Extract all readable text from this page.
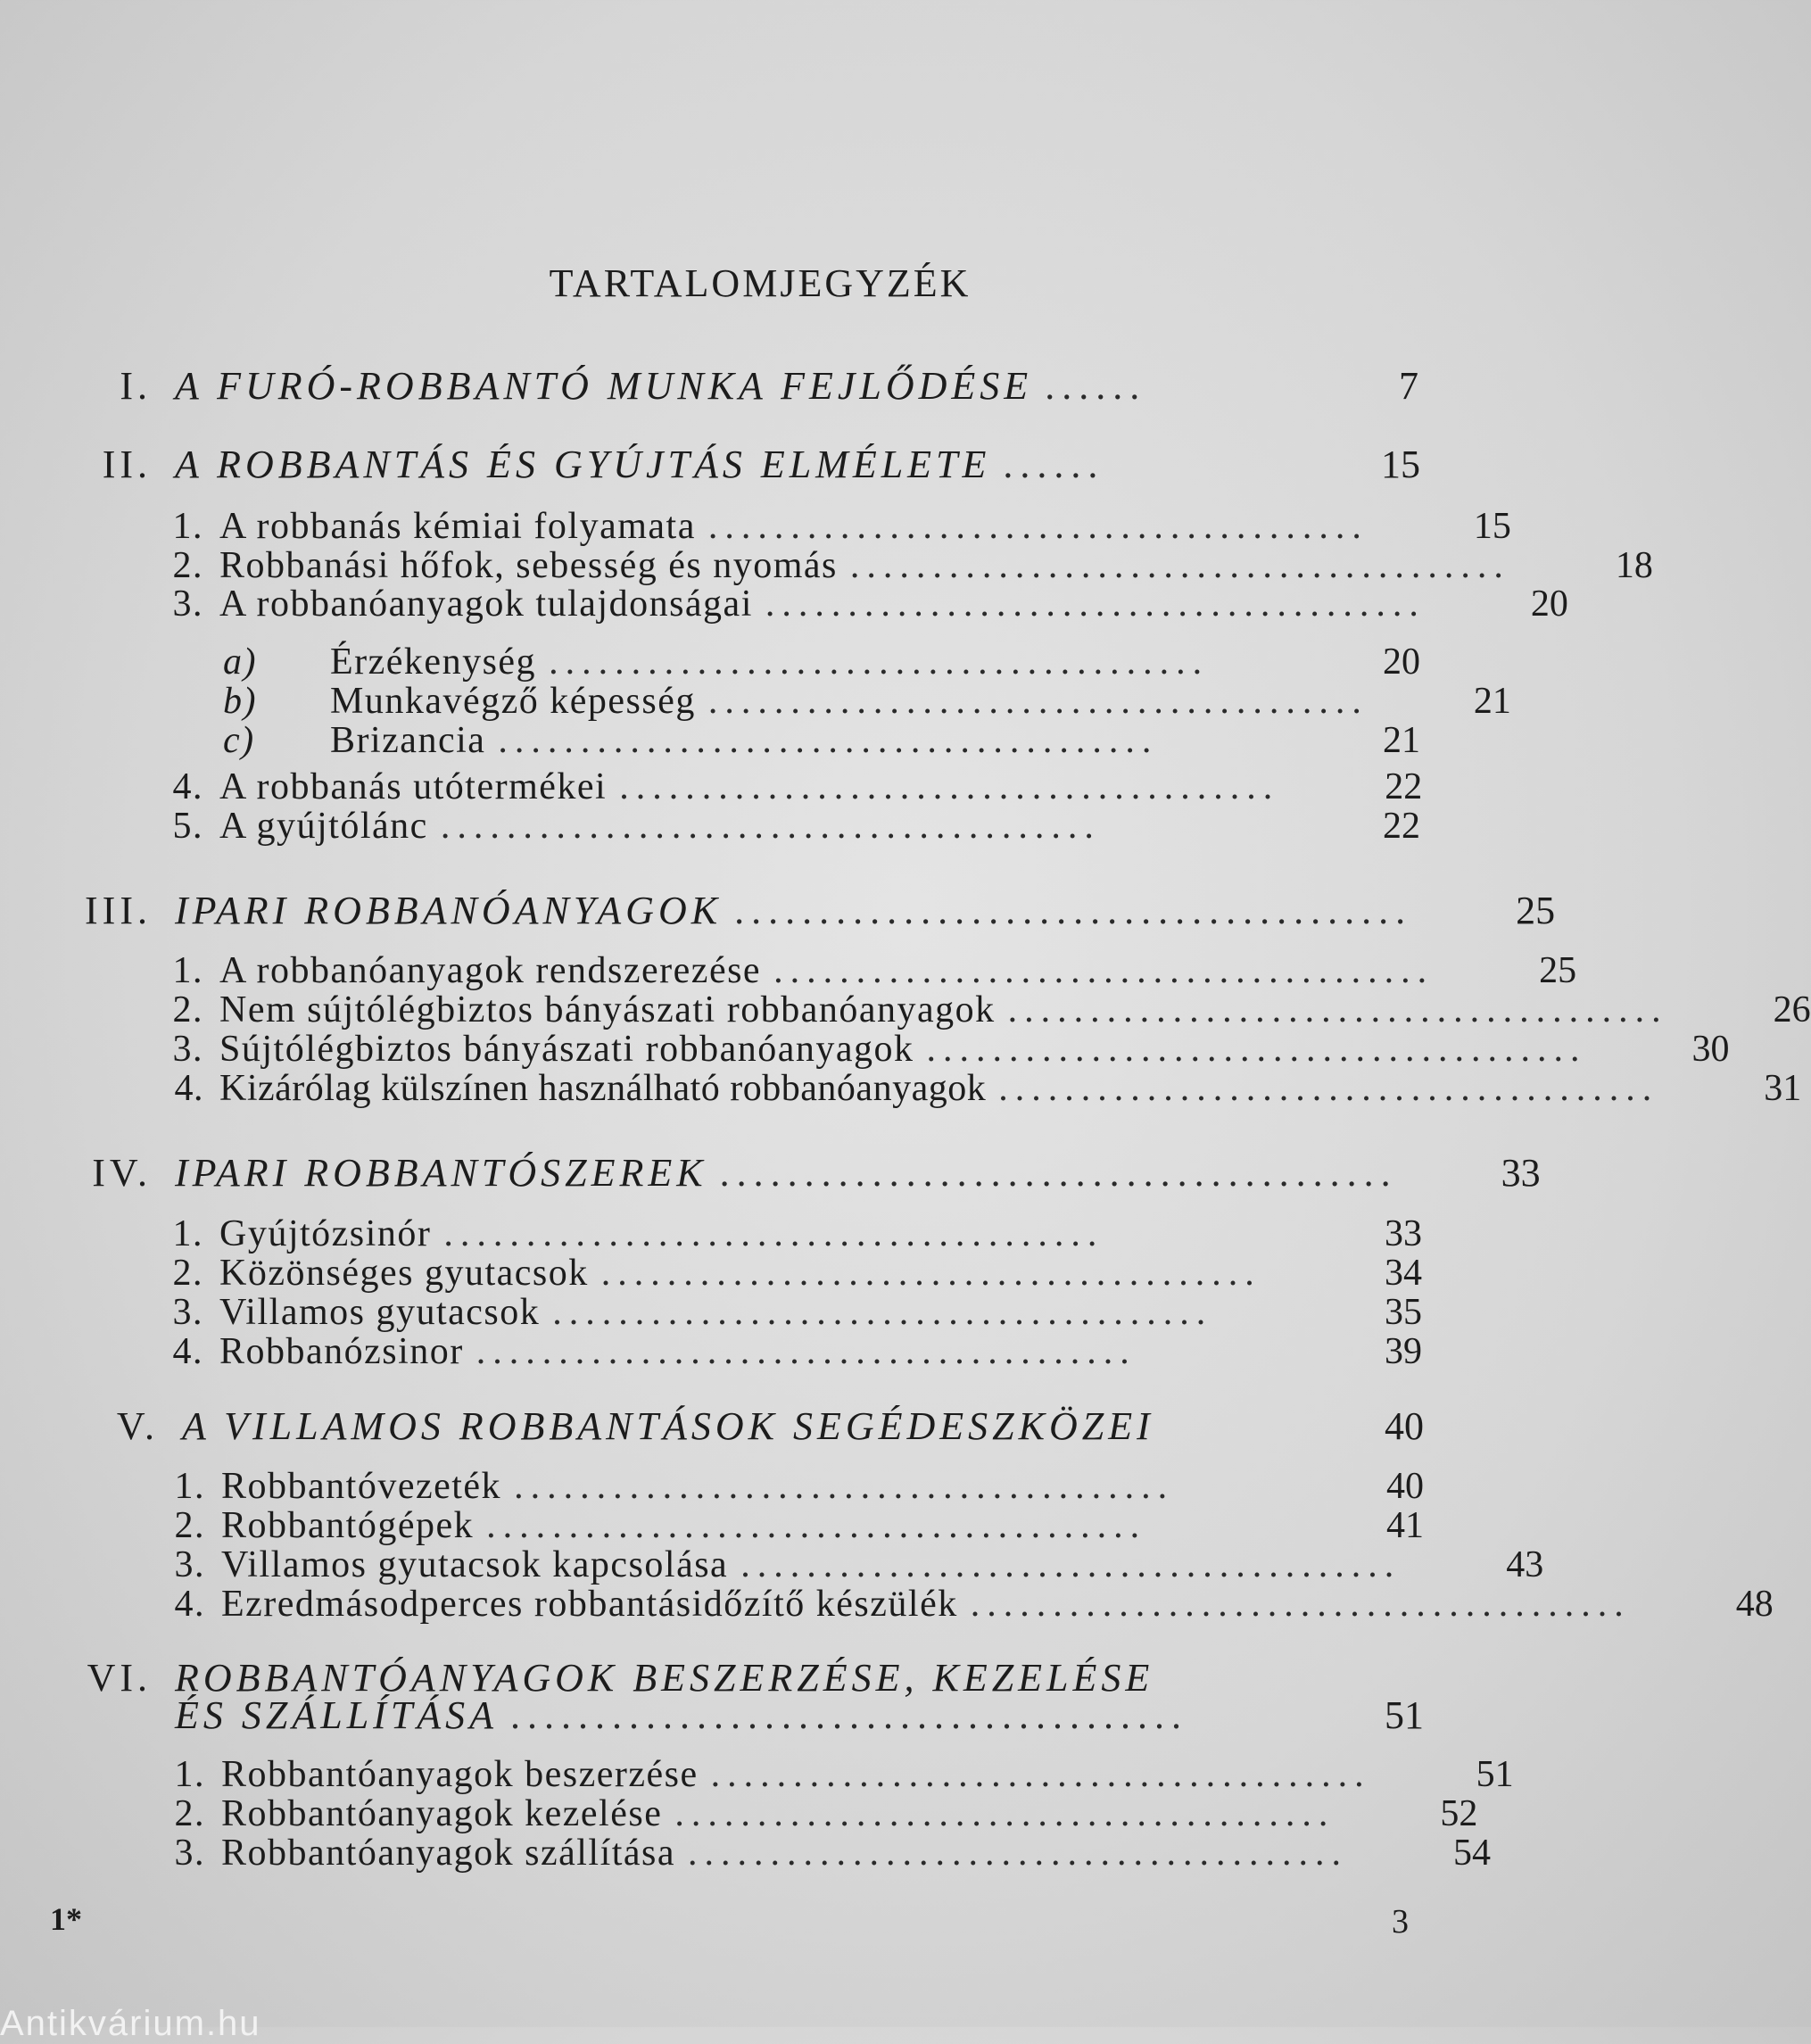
TARTALOMJEGYZÉK
I. A FURÓ-ROBBANTÓ MUNKA FEJLŐDÉSE ......	7
II. A ROBBANTÁS ÉS GYÚJTÁS ELMÉLETE ......	15
1. A robbanás kémiai folyamata ........................................	15
2. Robbanási hőfok, sebesség és nyomás ........................................	18
3. A robbanóanyagok tulajdonságai ........................................	20
a)	Érzékenység ........................................	20
b)	Munkavégző képesség ........................................	21
c)	Brizancia ........................................	21
4. A robbanás utótermékei ........................................	22
5. A gyújtólánc ........................................	22
III. IPARI ROBBANÓANYAGOK ........................................	25
1. A robbanóanyagok rendszerezése ........................................	25
2. Nem sújtólégbiztos bányászati robbanóanyagok ........................................	26
3. Sújtólégbiztos bányászati robbanóanyagok ........................................	30
4. Kizárólag külszínen használható robbanóanyagok ........................................	31
IV. IPARI ROBBANTÓSZEREK ........................................	33
1. Gyújtózsinór ........................................	33
2. Közönséges gyutacsok ........................................	34
3. Villamos gyutacsok ........................................	35
4. Robbanózsinor ........................................	39
V. A VILLAMOS ROBBANTÁSOK SEGÉDESZKÖZEI	40
1. Robbantóvezeték ........................................	40
2. Robbantógépek ........................................	41
3. Villamos gyutacsok kapcsolása ........................................	43
4. Ezredmásodperces robbantásidőzítő készülék ........................................	48
VI. ROBBANTÓANYAGOK BESZERZÉSE, KEZELÉSE
ÉS SZÁLLÍTÁSA ........................................	51
1. Robbantóanyagok beszerzése ........................................	51
2. Robbantóanyagok kezelése ........................................	52
3. Robbantóanyagok szállítása ........................................	54
1*	3
Antikvárium.hu
